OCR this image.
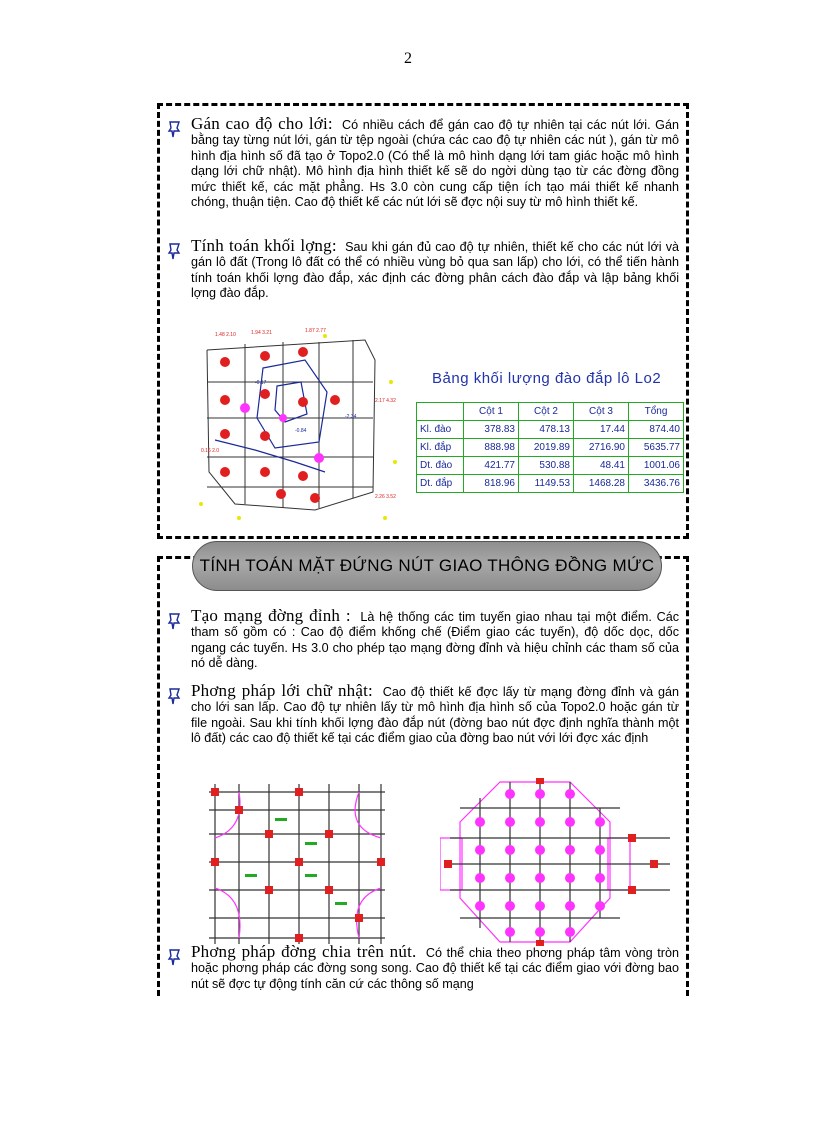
2
Gán cao độ cho lới: Có nhiều cách để gán cao độ tự nhiên tại các nút lới. Gán bằng tay từng nút lới, gán từ tệp ngoài (chứa các cao độ tự nhiên các nút ), gán từ mô hình địa hình số đã tạo ở Topo2.0 (Có thể là mô hình dạng lới tam giác hoặc mô hình dạng lới chữ nhật). Mô hình địa hình thiết kế sẽ do ngời dùng tạo từ các đờng đồng mức thiết kế, các mặt phẳng. Hs 3.0 còn cung cấp tiện ích tạo mái thiết kế nhanh chóng, thuận tiện. Cao độ thiết kế các nút lới sẽ đợc nội suy từ mô hình thiết kế.
Tính toán khối lợng: Sau khi gán đủ cao độ tự nhiên, thiết kế cho các nút lới và gán lô đất (Trong lô đất có thể có nhiều vùng bỏ qua san lấp) cho lới, có thể tiến hành tính toán khối lợng đào đắp, xác định các đờng phân cách đào đắp và lập bảng khối lợng đào đắp.
1.48 2.10	1.94 3.21	1.87 2.77
2.17 4.32
2.26 3.52
0.16 2.0
-2.34
-0.84
-0.17	Bảng khối lượng đào đắp lô Lo2
	Cột 1	Cột 2	Cột 3	Tổng
Kl. đào	378.83	478.13	17.44	874.40
Kl. đắp	888.98	2019.89	2716.90	5635.77
Dt. đào	421.77	530.88	48.41	1001.06
Dt. đắp	818.96	1149.53	1468.28	3436.76
TÍNH TOÁN MẶT ĐỨNG NÚT GIAO THÔNG ĐỒNG MỨC
Tạo mạng đờng đỉnh : Là hệ thống các tim tuyến giao nhau tại một điểm. Các tham số gồm có : Cao độ điểm khống chế (Điểm giao các tuyến), độ dốc dọc, dốc ngang các tuyến. Hs 3.0 cho phép tạo mạng đờng đỉnh và hiệu chỉnh các tham số của nó dễ dàng.
Phơng pháp lới chữ nhật: Cao độ thiết kế đợc lấy từ mạng đờng đỉnh và gán cho lới san lấp. Cao độ tự nhiên lấy từ mô hình địa hình số của Topo2.0 hoặc gán từ file ngoài. Sau khi tính khối lợng đào đắp nút (đờng bao nút đợc định nghĩa thành một lô đất) các cao độ thiết kế tại các điểm giao của đờng bao nút với lới đợc xác định
Phơng pháp đờng chia trên nút. Có thể chia theo phơng pháp tâm vòng tròn hoặc phơng pháp các đờng song song. Cao độ thiết kế tại các điểm giao với đờng bao nút sẽ đợc tự động tính căn cứ các thông số mạng
